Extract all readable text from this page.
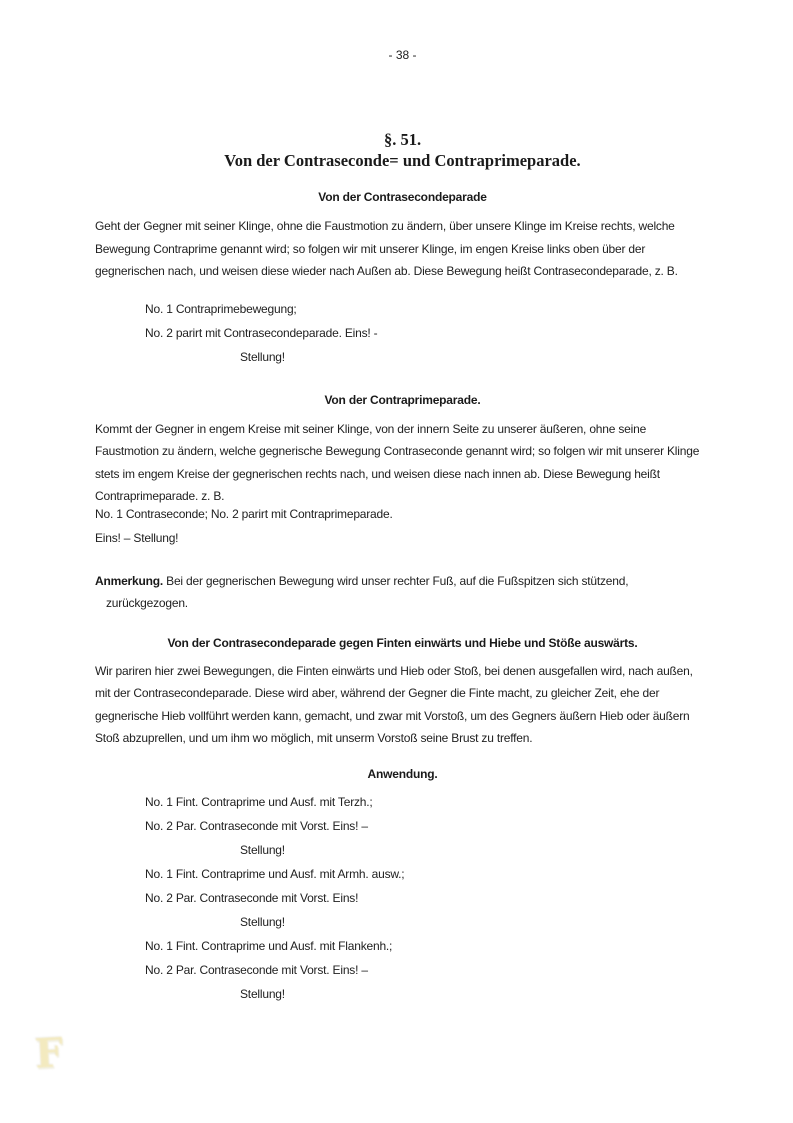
- 38 -
§. 51.
Von der Contraseconde= und Contraprimeparade.
Von der Contrasecondeparade

Geht der Gegner mit seiner Klinge, ohne die Faustmotion zu ändern, über unsere Klinge im Kreise rechts, welche Bewegung Contraprime genannt wird; so folgen wir mit unserer Klinge, im engen Kreise links oben über der gegnerischen nach, und weisen diese wieder nach Außen ab. Diese Bewegung heißt Contrasecondeparade, z. B.

No. 1 Contraprimebewegung;
No. 2 parirt mit Contrasecondeparade. Eins! -
Stellung!
Von der Contraprimeparade.

Kommt der Gegner in engem Kreise mit seiner Klinge, von der innern Seite zu unserer äußeren, ohne seine Faustmotion zu ändern, welche gegnerische Bewegung Contraseconde genannt wird; so folgen wir mit unserer Klinge stets im engem Kreise der gegnerischen rechts nach, und weisen diese nach innen ab. Diese Bewegung heißt Contraprimeparade. z. B.

No. 1 Contraseconde; No. 2 parirt mit Contraprimeparade.
Eins! – Stellung!

Anmerkung. Bei der gegnerischen Bewegung wird unser rechter Fuß, auf die Fußspitzen sich stützend, zurückgezogen.

Von der Contrasecondeparade gegen Finten einwärts und Hiebe und Stöße auswärts.

Wir pariren hier zwei Bewegungen, die Finten einwärts und Hieb oder Stoß, bei denen ausgefallen wird, nach außen, mit der Contrasecondeparade. Diese wird aber, während der Gegner die Finte macht, zu gleicher Zeit, ehe der gegnerische Hieb vollführt werden kann, gemacht, und zwar mit Vorstoß, um des Gegners äußern Hieb oder äußern Stoß abzuprellen, und um ihm wo möglich, mit unserm Vorstoß seine Brust zu treffen.

Anwendung.
No. 1 Fint. Contraprime und Ausf. mit Terzh.;
No. 2 Par. Contraseconde mit Vorst. Eins! –
Stellung!
No. 1 Fint. Contraprime und Ausf. mit Armh. ausw.;
No. 2 Par. Contraseconde mit Vorst. Eins!
Stellung!
No. 1 Fint. Contraprime und Ausf. mit Flankenh.;
No. 2 Par. Contraseconde mit Vorst. Eins! –
Stellung!
F
